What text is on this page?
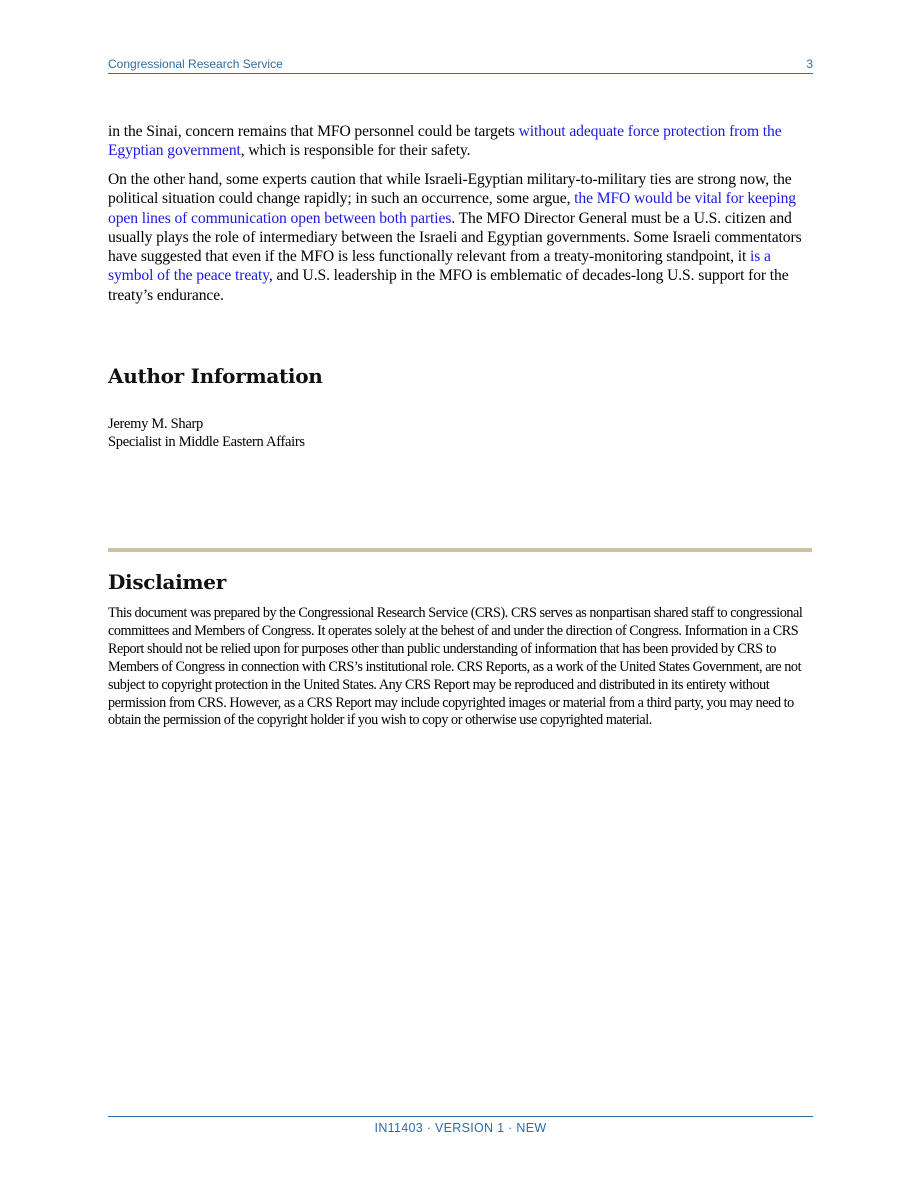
Congressional Research Service	3

in the Sinai, concern remains that MFO personnel could be targets without adequate force protection from the Egyptian government, which is responsible for their safety.

On the other hand, some experts caution that while Israeli-Egyptian military-to-military ties are strong now, the political situation could change rapidly; in such an occurrence, some argue, the MFO would be vital for keeping open lines of communication open between both parties. The MFO Director General must be a U.S. citizen and usually plays the role of intermediary between the Israeli and Egyptian governments. Some Israeli commentators have suggested that even if the MFO is less functionally relevant from a treaty-monitoring standpoint, it is a symbol of the peace treaty, and U.S. leadership in the MFO is emblematic of decades-long U.S. support for the treaty’s endurance.

Author Information
Jeremy M. Sharp
Specialist in Middle Eastern Affairs
Disclaimer
This document was prepared by the Congressional Research Service (CRS). CRS serves as nonpartisan shared staff to congressional committees and Members of Congress. It operates solely at the behest of and under the direction of Congress. Information in a CRS Report should not be relied upon for purposes other than public understanding of information that has been provided by CRS to Members of Congress in connection with CRS’s institutional role. CRS Reports, as a work of the United States Government, are not subject to copyright protection in the United States. Any CRS Report may be reproduced and distributed in its entirety without permission from CRS. However, as a CRS Report may include copyrighted images or material from a third party, you may need to obtain the permission of the copyright holder if you wish to copy or otherwise use copyrighted material.
IN11403 · VERSION 1 · NEW
